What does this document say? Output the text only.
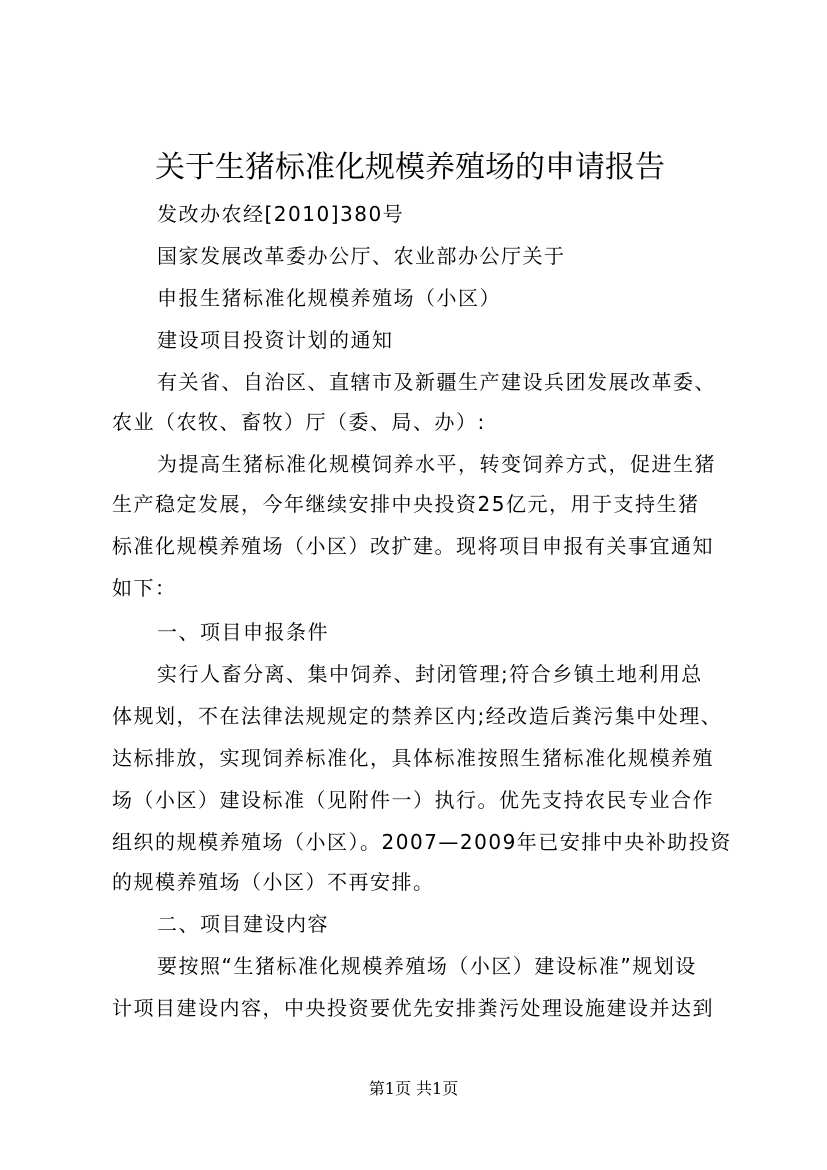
关于生猪标准化规模养殖场的申请报告
发改办农经[2010]380号
国家发展改革委办公厅、农业部办公厅关于
申报生猪标准化规模养殖场（小区）
建设项目投资计划的通知
有关省、自治区、直辖市及新疆生产建设兵团发展改革委、
农业（农牧、畜牧）厅（委、局、办）:
为提高生猪标准化规模饲养水平，转变饲养方式，促进生猪
生产稳定发展，今年继续安排中央投资25亿元，用于支持生猪
标准化规模养殖场（小区）改扩建。现将项目申报有关事宜通知
如下：
一、项目申报条件
实行人畜分离、集中饲养、封闭管理;符合乡镇土地利用总
体规划，不在法律法规规定的禁养区内;经改造后粪污集中处理、
达标排放，实现饲养标准化，具体标准按照生猪标准化规模养殖
场（小区）建设标准（见附件一）执行。优先支持农民专业合作
组织的规模养殖场（小区）。2007—2009年已安排中央补助投资
的规模养殖场（小区）不再安排。
二、项目建设内容
要按照“生猪标准化规模养殖场（小区）建设标准”规划设
计项目建设内容，中央投资要优先安排粪污处理设施建设并达到
第1页 共1页
